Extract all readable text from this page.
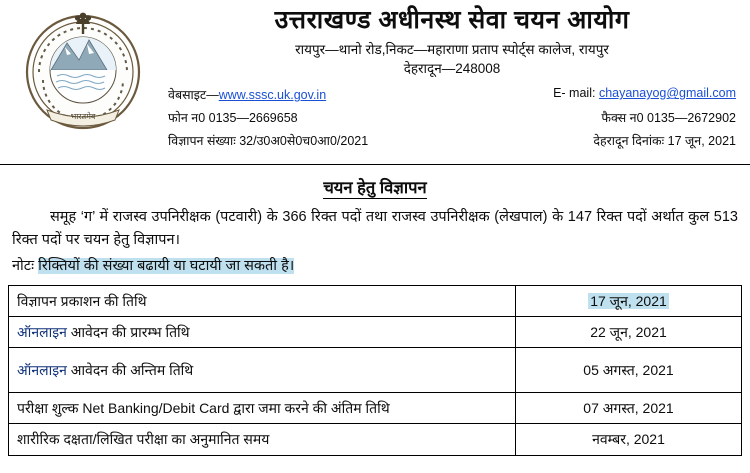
भारतमेव
उत्तराखण्ड अधीनस्थ सेवा चयन आयोग
रायपुर—थानो रोड,निकट—महाराणा प्रताप स्पोर्ट्स कालेज, रायपुर
देहरादून—248008
वेबसाइट—www.sssc.uk.gov.in	E- mail: chayanayog@gmail.com
फोन न0 0135—2669658	फैक्स न0 0135—2672902
विज्ञापन संख्याः 32/उ0अ0से0च0आ0/2021	देहरादून दिनांकः 17 जून, 2021
चयन हेतु विज्ञापन
समूह ‘ग’ में राजस्व उपनिरीक्षक (पटवारी) के 366 रिक्त पदों तथा राजस्व उपनिरीक्षक (लेखपाल) के 147 रिक्त पदों अर्थात कुल 513 रिक्त पदों पर चयन हेतु विज्ञापन।
नोटः रिक्तियों की संख्या बढायी या घटायी जा सकती है।
विज्ञापन प्रकाशन की तिथि	17 जून, 2021
ऑनलाइन आवेदन की प्रारम्भ तिथि	22 जून, 2021
ऑनलाइन आवेदन की अन्तिम तिथि	05 अगस्त, 2021
परीक्षा शुल्क Net Banking/Debit Card द्वारा जमा करने की अंतिम तिथि	07 अगस्त, 2021
शारीरिक दक्षता/लिखित परीक्षा का अनुमानित समय	नवम्बर, 2021
